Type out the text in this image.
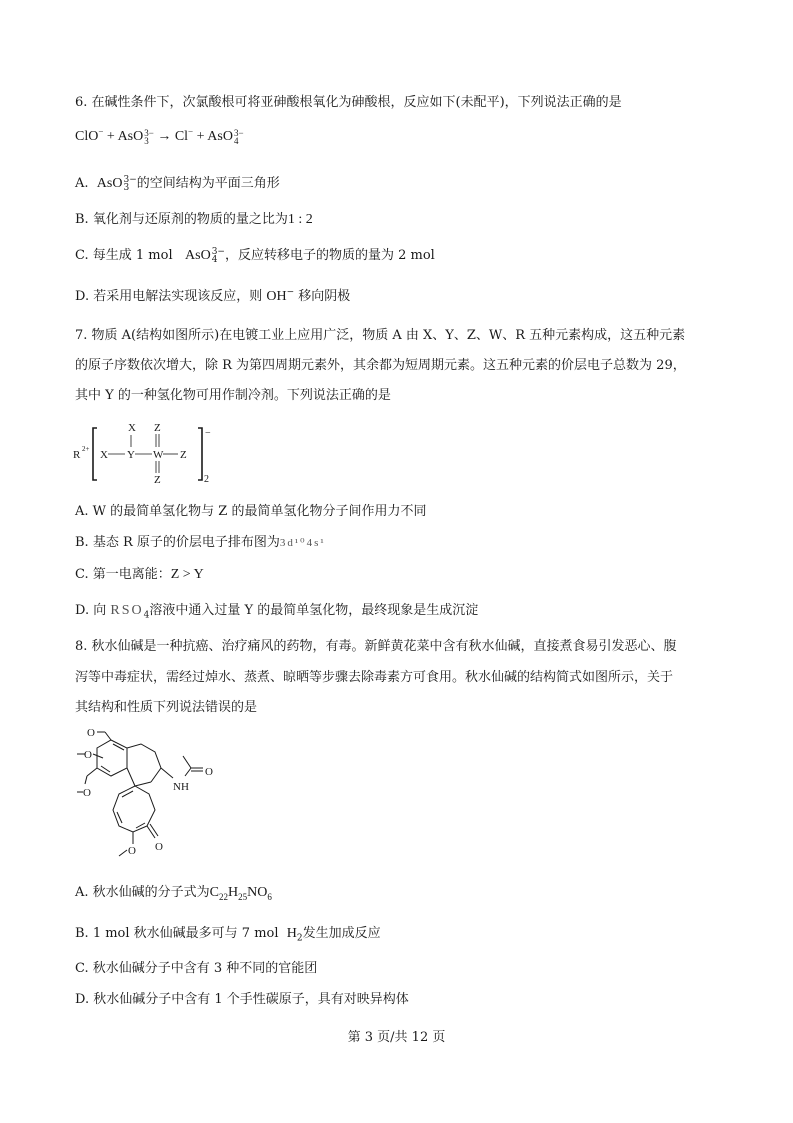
6. 在碱性条件下，次氯酸根可将亚砷酸根氧化为砷酸根，反应如下(未配平)，下列说法正确的是
ClO− + AsO 3−
3 → Cl− + AsO 3−
4
A. AsO 3−
3 的空间结构为平面三角形
B. 氧化剂与还原剂的物质的量之比为1 : 2
C. 每生成 1 mol AsO 3−
4 ，反应转移电子的物质的量为 2 mol
D. 若采用电解法实现该反应，则 OH− 移向阴极
7. 物质 A(结构如图所示)在电镀工业上应用广泛，物质 A 由 X、Y、Z、W、R 五种元素构成，这五种元素
的原子序数依次增大，除 R 为第四周期元素外，其余都为短周期元素。这五种元素的价层电子总数为 29，
其中 Y 的一种氢化物可用作制冷剂。下列说法正确的是
R 2+ X Y
X
W
Z
Z
Z
−
2
A. W 的最简单氢化物与 Z 的最简单氢化物分子间作用力不同
B. 基态 R 原子的价层电子排布图为3d¹⁰4s¹
C. 第一电离能：Z > Y
D. 向 $RSO_4$溶液中通入过量 Y 的最简单氢化物，最终现象是生成沉淀
8. 秋水仙碱是一种抗癌、治疗痛风的药物，有毒。新鲜黄花菜中含有秋水仙碱，直接煮食易引发恶心、腹
泻等中毒症状，需经过焯水、蒸煮、晾晒等步骤去除毒素方可食用。秋水仙碱的结构简式如图所示，关于
其结构和性质下列说法错误的是
NH
O
O
O
O
O
O
A. 秋水仙碱的分子式为$C_{22}H_{25}NO_6$
B. 1 mol 秋水仙碱最多可与 7 mol $H_2$发生加成反应
C. 秋水仙碱分子中含有 3 种不同的官能团
D. 秋水仙碱分子中含有 1 个手性碳原子，具有对映异构体
第 3 页/共 12 页
